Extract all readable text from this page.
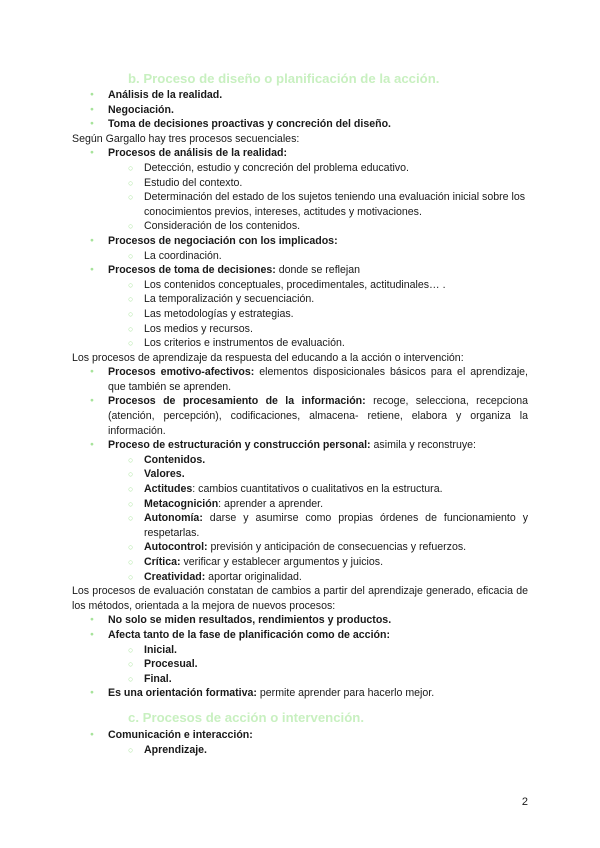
b. Proceso de diseño o planificación de la acción.

● Análisis de la realidad.
● Negociación.
● Toma de decisiones proactivas y concreción del diseño.

Según Gargallo hay tres procesos secuenciales:

● Procesos de análisis de la realidad:
○ Detección, estudio y concreción del problema educativo.
○ Estudio del contexto.
○ Determinación del estado de los sujetos teniendo una evaluación inicial sobre los conocimientos previos, intereses, actitudes y motivaciones.
○ Consideración de los contenidos.
● Procesos de negociación con los implicados:
○ La coordinación.
● Procesos de toma de decisiones: donde se reflejan
○ Los contenidos conceptuales, procedimentales, actitudinales… .
○ La temporalización y secuenciación.
○ Las metodologías y estrategias.
○ Los medios y recursos.
○ Los criterios e instrumentos de evaluación.

Los procesos de aprendizaje da respuesta del educando a la acción o intervención:

● Procesos emotivo-afectivos: elementos disposicionales básicos para el aprendizaje, que también se aprenden.
● Procesos de procesamiento de la información: recoge, selecciona, recepciona (atención, percepción), codificaciones, almacena- retiene, elabora y organiza la información.
● Proceso de estructuración y construcción personal: asimila y reconstruye:
○ Contenidos.
○ Valores.
○ Actitudes: cambios cuantitativos o cualitativos en la estructura.
○ Metacognición: aprender a aprender.
○ Autonomía: darse y asumirse como propias órdenes de funcionamiento y respetarlas.
○ Autocontrol: previsión y anticipación de consecuencias y refuerzos.
○ Crítica: verificar y establecer argumentos y juicios.
○ Creatividad: aportar originalidad.

Los procesos de evaluación constatan de cambios a partir del aprendizaje generado, eficacia de los métodos, orientada a la mejora de nuevos procesos:

● No solo se miden resultados, rendimientos y productos.
● Afecta tanto de la fase de planificación como de acción:
○ Inicial.
○ Procesual.
○ Final.
● Es una orientación formativa: permite aprender para hacerlo mejor.

c. Procesos de acción o intervención.

● Comunicación e interacción:
○ Aprendizaje.
2
